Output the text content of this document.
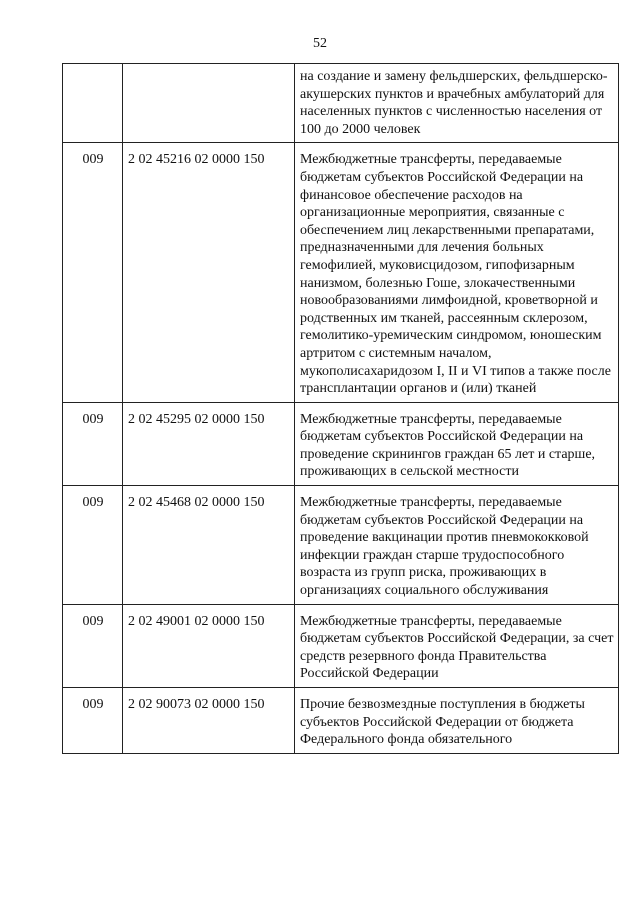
52

		на создание и замену фельдшерских, фельдшерско-акушерских пунктов и врачебных амбулаторий для населенных пунктов с численностью населения от 100 до 2000 человек

009	2 02 45216 02 0000 150	Межбюджетные трансферты, передаваемые бюджетам субъектов Российской Федерации на финансовое обеспечение расходов на организационные мероприятия, связанные с обеспечением лиц лекарственными препаратами, предназначенными для лечения больных гемофилией, муковисцидозом, гипофизарным нанизмом, болезнью Гоше, злокачественными новообразованиями лимфоидной, кроветворной и родственных им тканей, рассеянным склерозом, гемолитико-уремическим синдромом, юношеским артритом с системным началом, мукополисахаридозом I, II и VI типов а также после трансплантации органов и (или) тканей

009	2 02 45295 02 0000 150	Межбюджетные трансферты, передаваемые бюджетам субъектов Российской Федерации на проведение скринингов граждан 65 лет и старше, проживающих в сельской местности

009	2 02 45468 02 0000 150	Межбюджетные трансферты, передаваемые бюджетам субъектов Российской Федерации на проведение вакцинации против пневмококковой инфекции граждан старше трудоспособного возраста из групп риска, проживающих в организациях социального обслуживания

009	2 02 49001 02 0000 150	Межбюджетные трансферты, передаваемые бюджетам субъектов Российской Федерации, за счет средств резервного фонда Правительства Российской Федерации

009	2 02 90073 02 0000 150	Прочие безвозмездные поступления в бюджеты субъектов Российской Федерации от бюджета Федерального фонда обязательного
